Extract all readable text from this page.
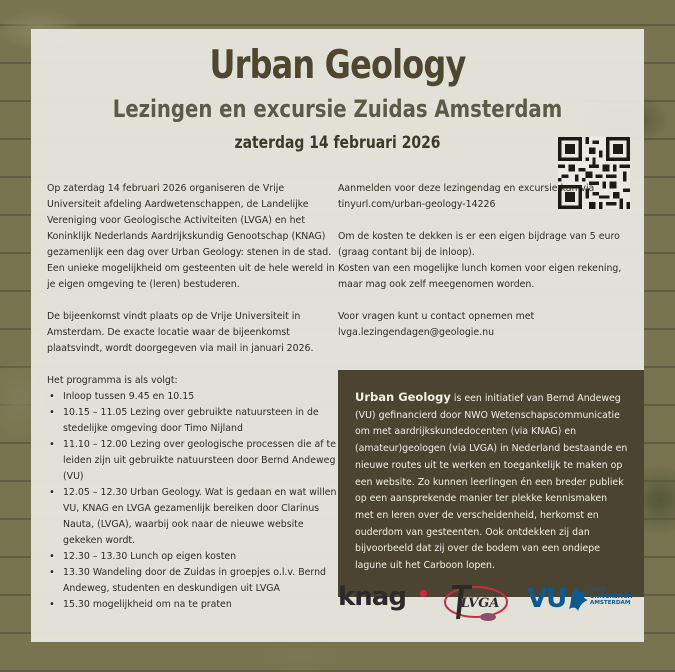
Urban Geology
Lezingen en excursie Zuidas Amsterdam
zaterdag 14 februari 2026

Op zaterdag 14 februari 2026 organiseren de Vrije Universiteit afdeling Aardwetenschappen, de Landelijke Vereniging voor Geologische Activiteiten (LVGA) en het Koninklijk Nederlands Aardrijkskundig Genootschap (KNAG) gezamenlijk een dag over Urban Geology: stenen in de stad. Een unieke mogelijkheid om gesteenten uit de hele wereld in je eigen omgeving te (leren) bestuderen.

De bijeenkomst vindt plaats op de Vrije Universiteit in Amsterdam. De exacte locatie waar de bijeenkomst plaatsvindt, wordt doorgegeven via mail in januari 2026.

Het programma is als volgt:
• Inloop tussen 9.45 en 10.15
• 10.15 – 11.05 Lezing over gebruikte natuursteen in de stedelijke omgeving door Timo Nijland
• 11.10 – 12.00 Lezing over geologische processen die af te leiden zijn uit gebruikte natuursteen door Bernd Andeweg (VU)
• 12.05 – 12.30 Urban Geology. Wat is gedaan en wat willen VU, KNAG en LVGA gezamenlijk bereiken door Clarinus Nauta, (LVGA), waarbij ook naar de nieuwe website gekeken wordt.
• 12.30 – 13.30 Lunch op eigen kosten
• 13.30 Wandeling door de Zuidas in groepjes o.l.v. Bernd Andeweg, studenten en deskundigen uit LVGA
• 15.30 mogelijkheid om na te praten

Aanmelden voor deze lezingendag en excursie kan via tinyurl.com/urban-geology-14226

Om de kosten te dekken is er een eigen bijdrage van 5 euro (graag contant bij de inloop).

Kosten van een mogelijke lunch komen voor eigen rekening, maar mag ook zelf meegenomen worden.

Voor vragen kunt u contact opnemen met
lvga.lezingendagen@geologie.nu
Urban Geology is een initiatief van Bernd Andeweg (VU) gefinancierd door NWO Wetenschapscommunicatie om met aardrijkskundedocenten (via KNAG) en (amateur)geologen (via LVGA) in Nederland bestaande en nieuwe routes uit te werken en toegankelijk te maken op een website. Zo kunnen leerlingen én een breder publiek op een aansprekende manier ter plekke kennismaken met en leren over de verscheidenheid, herkomst en ouderdom van gesteenten. Ook ontdekken zij dan bijvoorbeeld dat zij over de bodem van een ondiepe lagune uit het Carboon lopen.
knag	LVGA VU	VRIJE
UNIVERSITEIT
AMSTERDAM
